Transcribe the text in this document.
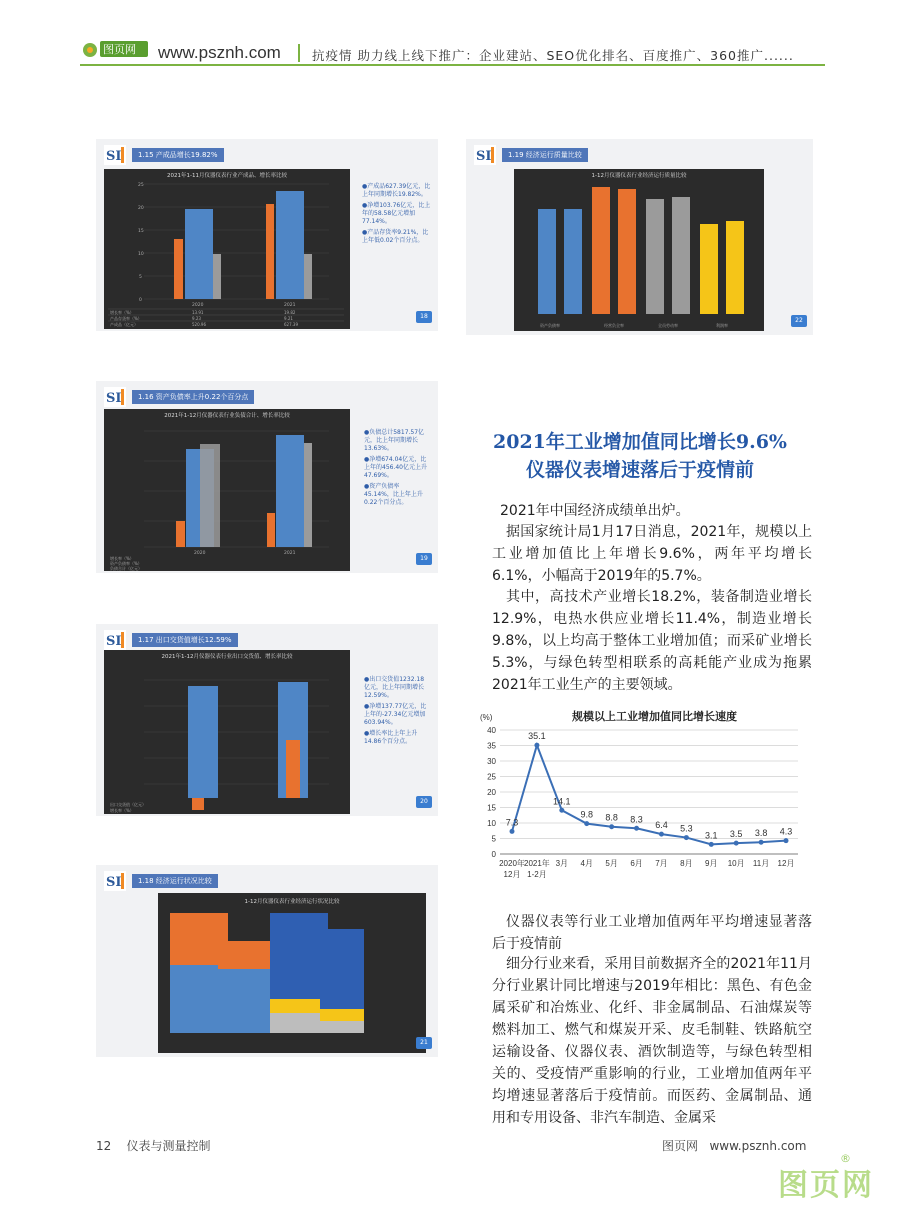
图页网 www.psznh.com 抗疫情 助力线上线下推广：企业建站、SEO优化排名、百度推广、360推广......
SI	1.15 产成品增长19.82%
2021年1-11月仪器仪表行业产成品、增长率比较
25
20
15
10
5
0
2020	2021
增长率（%）	13.91	19.82
产品存货率（%）	9.23	9.21
产成品（亿元）	520.96	627.39
●产成品627.39亿元，比上年同期增长19.82%。
●净增103.76亿元，比上年的58.58亿元增加77.14%。
●产品存货率9.21%，比上年低0.02个百分点。
18
SI	1.16 资产负债率上升0.22个百分点
2021年1-12月仪器仪表行业负债合计、增长率比较
2020	2021
增长率（%）
资产负债率（%）
负债合计（亿元）
●负债总计5817.57亿元，比上年同期增长13.63%。
●净增674.04亿元，比上年的456.40亿元上升47.69%。
●资产负债率45.14%，比上年上升0.22个百分点。
19
SI	1.17 出口交货值增长12.59%
2021年1-12月仪器仪表行业出口交货值、增长率比较
出口交货值（亿元）
增长率（%）
●出口交货值1232.18亿元，比上年同期增长12.59%。
●净增137.77亿元，比上年的-27.34亿元增加603.94%。
●增长率比上年上升14.86个百分点。
20
SI	1.18 经济运行状况比较
1-12月仪器仪表行业经济运行状况比较
21
SI	1.19 经济运行质量比较
1-12月仪器仪表行业经济运行质量比较
资产负债率	经营负全率	全员劳动率	利润率
22
2021年工业增加值同比增长9.6%
仪器仪表增速落后于疫情前
2021年中国经济成绩单出炉。
据国家统计局1月17日消息，2021年，规模以上工业增加值比上年增长9.6%，两年平均增长6.1%，小幅高于2019年的5.7%。
其中，高技术产业增长18.2%，装备制造业增长12.9%，电热水供应业增长11.4%，制造业增长9.8%，以上均高于整体工业增加值；而采矿业增长5.3%，与绿色转型相联系的高耗能产业成为拖累2021年工业生产的主要领域。
规模以上工业增加值同比增长速度
(%)
0
5
10
15
20
25
30
35
40
2020年
12月
2021年
1-2月
3月 4月 5月 6月 7月 8月 9月 10月 11月 12月
7.3
35.1
14.1
9.8 8.8 8.3
6.4 5.3
3.1 3.5 3.8 4.3
仪器仪表等行业工业增加值两年平均增速显著落后于疫情前
细分行业来看，采用目前数据齐全的2021年11月分行业累计同比增速与2019年相比：黑色、有色金属采矿和冶炼业、化纤、非金属制品、石油煤炭等燃料加工、燃气和煤炭开采、皮毛制鞋、铁路航空运输设备、仪器仪表、酒饮制造等，与绿色转型相关的、受疫情严重影响的行业，工业增加值两年平均增速显著落后于疫情前。而医药、金属制品、通用和专用设备、非汽车制造、金属采
12 仪表与测量控制	图页网 www.psznh.com
图页网
®
